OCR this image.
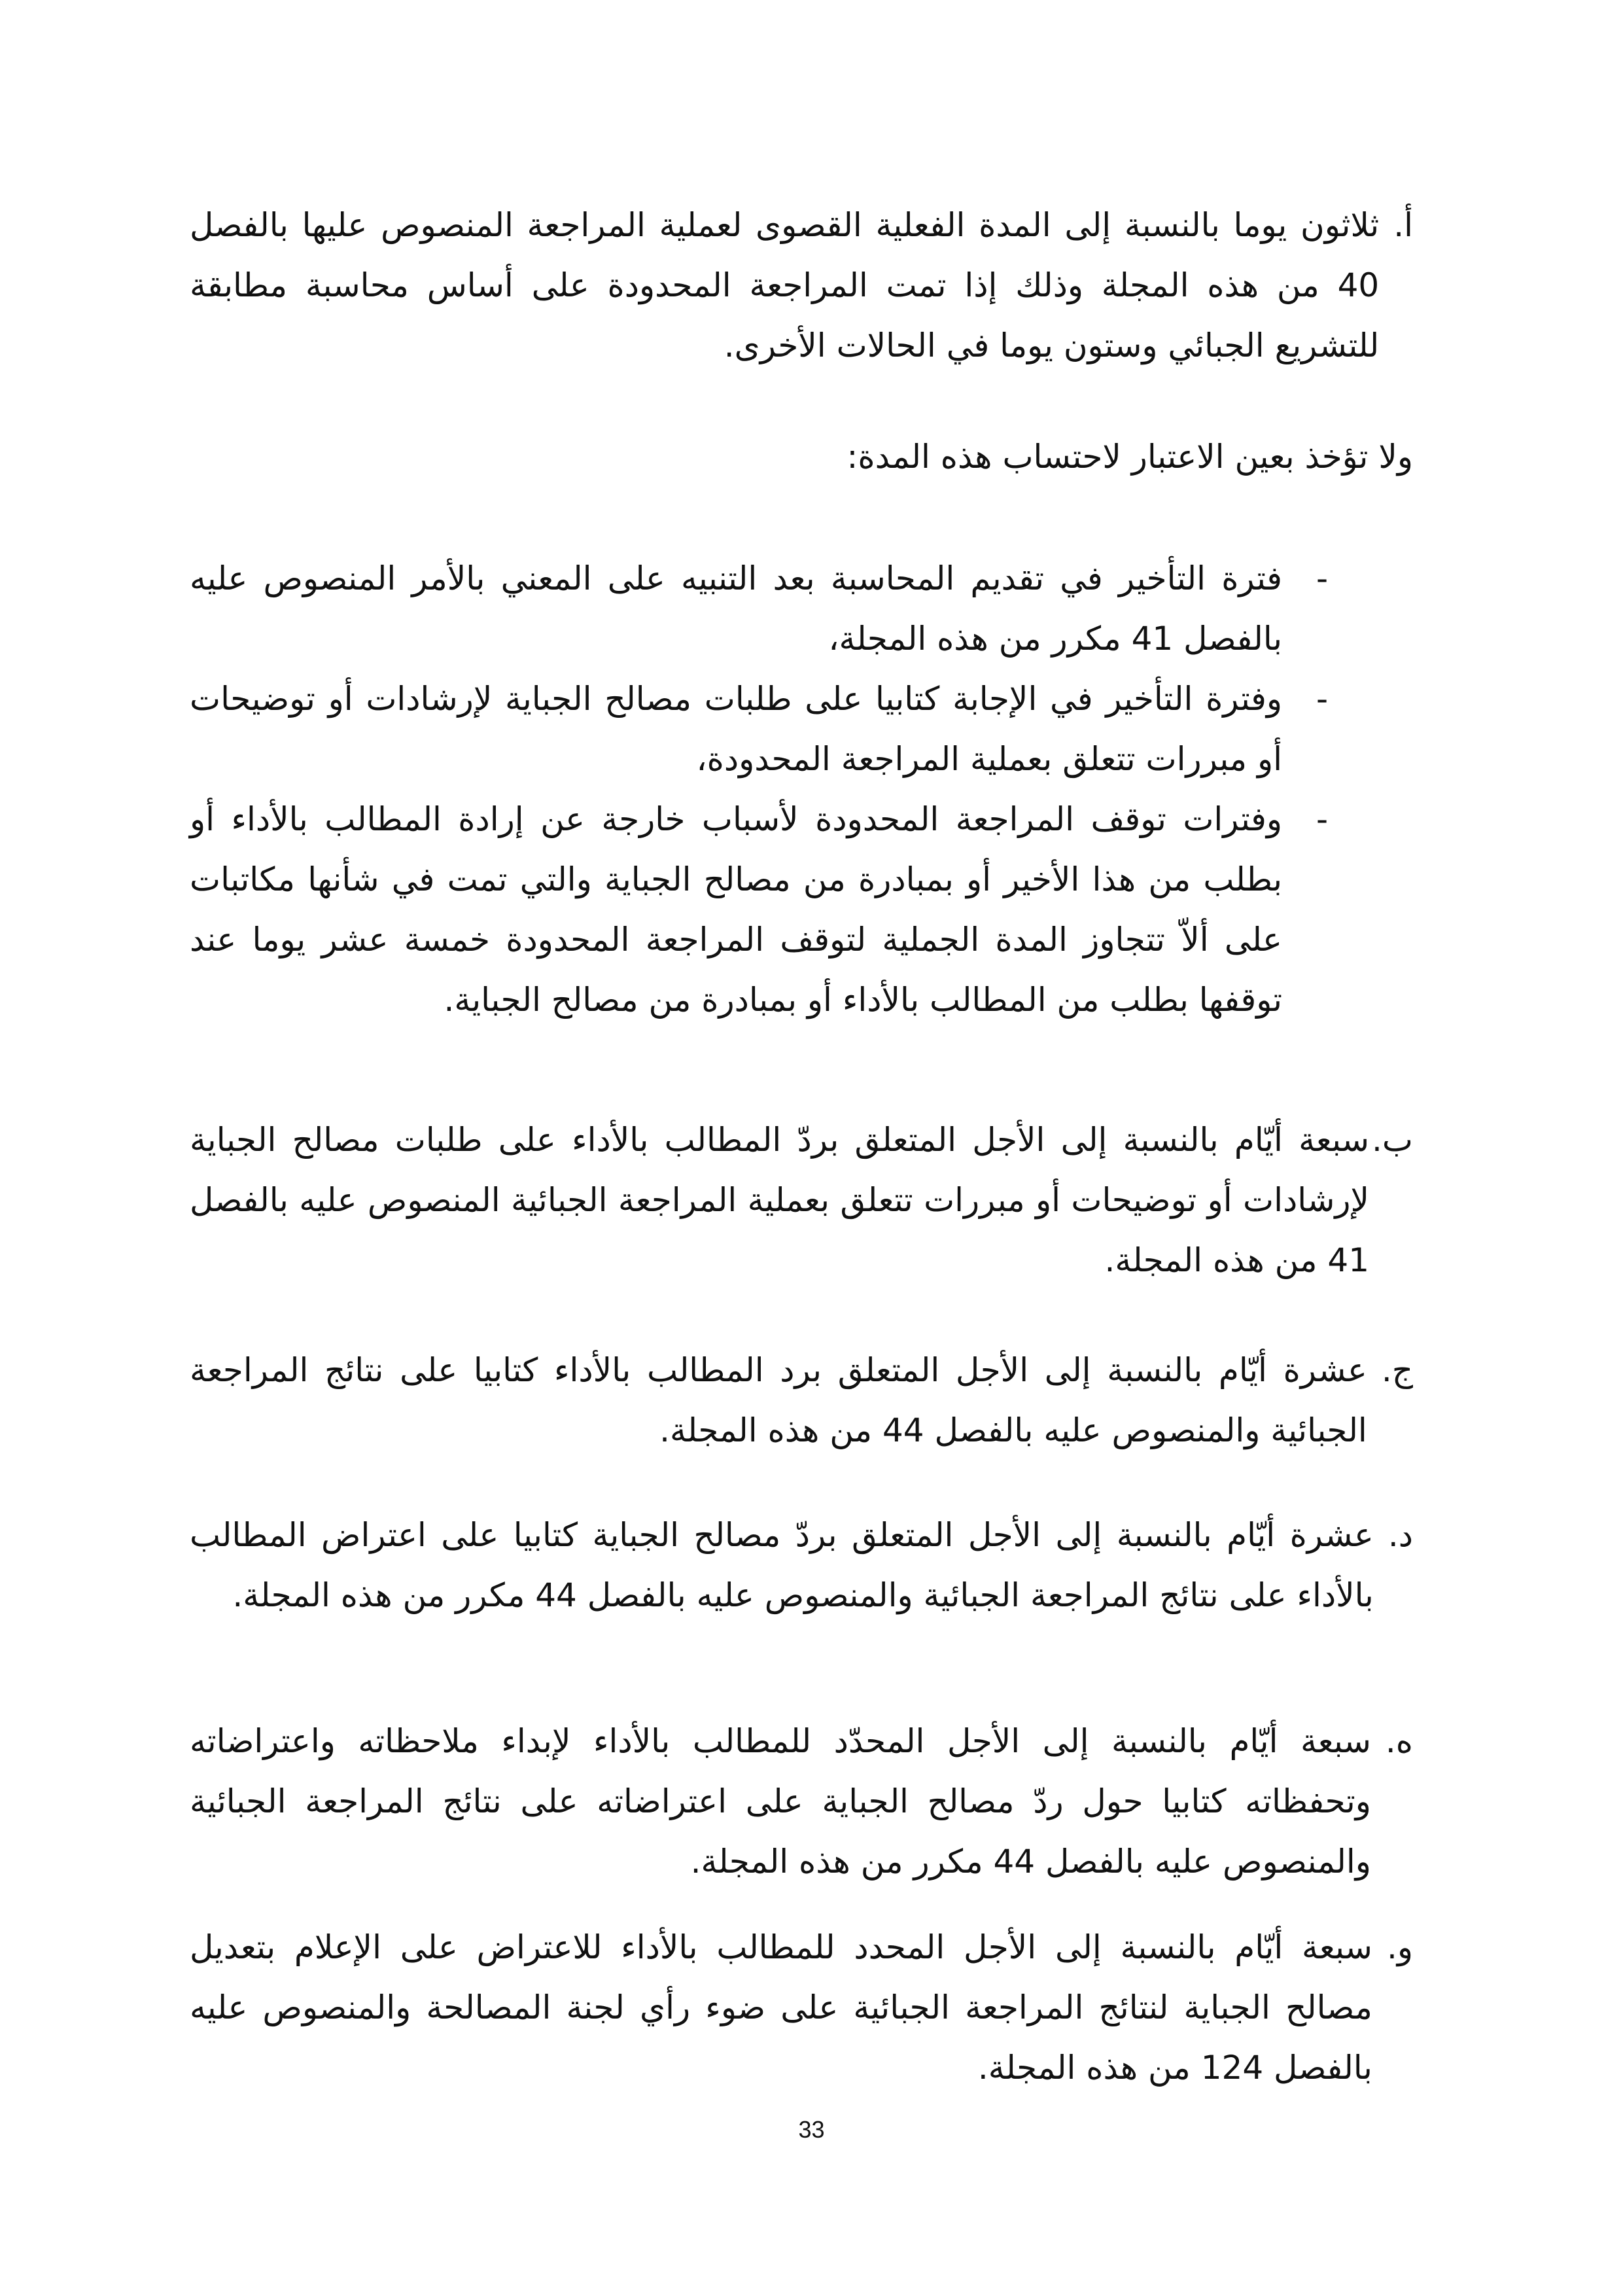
أ.
ثلاثون يوما بالنسبة إلى المدة الفعلية القصوى لعملية المراجعة المنصوص عليها بالفصل 40 من هذه المجلة وذلك إذا تمت المراجعة المحدودة على أساس محاسبة مطابقة للتشريع الجبائي وستون يوما في الحالات الأخرى.

ولا تؤخذ بعين الاعتبار لاحتساب هذه المدة:

-
فترة التأخير في تقديم المحاسبة بعد التنبيه على المعني بالأمر المنصوص عليه بالفصل 41 مكرر من هذه المجلة،
-
وفترة التأخير في الإجابة كتابيا على طلبات مصالح الجباية لإرشادات أو توضيحات أو مبررات تتعلق بعملية المراجعة المحدودة،
-
وفترات توقف المراجعة المحدودة لأسباب خارجة عن إرادة المطالب بالأداء أو بطلب من هذا الأخير أو بمبادرة من مصالح الجباية والتي تمت في شأنها مكاتبات على ألاّ تتجاوز المدة الجملية لتوقف المراجعة المحدودة خمسة عشر يوما عند توقفها بطلب من المطالب بالأداء أو بمبادرة من مصالح الجباية.
ب.
سبعة أيّام بالنسبة إلى الأجل المتعلق بردّ المطالب بالأداء على طلبات مصالح الجباية لإرشادات أو توضيحات أو مبررات تتعلق بعملية المراجعة الجبائية المنصوص عليه بالفصل 41 من هذه المجلة.
ج.
عشرة أيّام بالنسبة إلى الأجل المتعلق برد المطالب بالأداء كتابيا على نتائج المراجعة الجبائية والمنصوص عليه بالفصل 44 من هذه المجلة.
د.
عشرة أيّام بالنسبة إلى الأجل المتعلق بردّ مصالح الجباية كتابيا على اعتراض المطالب بالأداء على نتائج المراجعة الجبائية والمنصوص عليه بالفصل 44 مكرر من هذه المجلة.
ه.
سبعة أيّام بالنسبة إلى الأجل المحدّد للمطالب بالأداء لإبداء ملاحظاته واعتراضاته وتحفظاته كتابيا حول ردّ مصالح الجباية على اعتراضاته على نتائج المراجعة الجبائية والمنصوص عليه بالفصل 44 مكرر من هذه المجلة.
و.
سبعة أيّام بالنسبة إلى الأجل المحدد للمطالب بالأداء للاعتراض على الإعلام بتعديل مصالح الجباية لنتائج المراجعة الجبائية على ضوء رأي لجنة المصالحة والمنصوص عليه بالفصل 124 من هذه المجلة.
33
